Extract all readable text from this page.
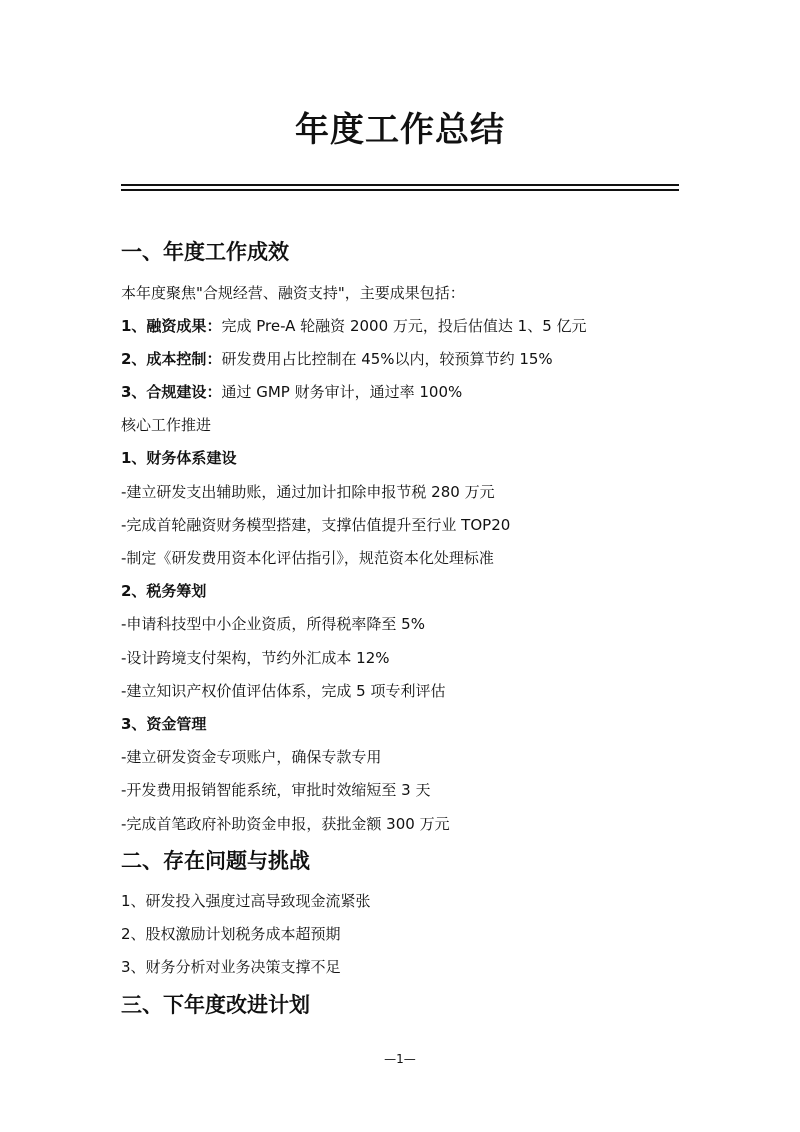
年度工作总结
一、年度工作成效
本年度聚焦"合规经营、融资支持"，主要成果包括：
1、融资成果：完成 Pre-A 轮融资 2000 万元，投后估值达 1、5 亿元
2、成本控制：研发费用占比控制在 45%以内，较预算节约 15%
3、合规建设：通过 GMP 财务审计，通过率 100%
核心工作推进
1、财务体系建设
-建立研发支出辅助账，通过加计扣除申报节税 280 万元
-完成首轮融资财务模型搭建，支撑估值提升至行业 TOP20
-制定《研发费用资本化评估指引》，规范资本化处理标准
2、税务筹划
-申请科技型中小企业资质，所得税率降至 5%
-设计跨境支付架构，节约外汇成本 12%
-建立知识产权价值评估体系，完成 5 项专利评估
3、资金管理
-建立研发资金专项账户，确保专款专用
-开发费用报销智能系统，审批时效缩短至 3 天
-完成首笔政府补助资金申报，获批金额 300 万元
二、存在问题与挑战
1、研发投入强度过高导致现金流紧张
2、股权激励计划税务成本超预期
3、财务分析对业务决策支撑不足
三、下年度改进计划
—1—
